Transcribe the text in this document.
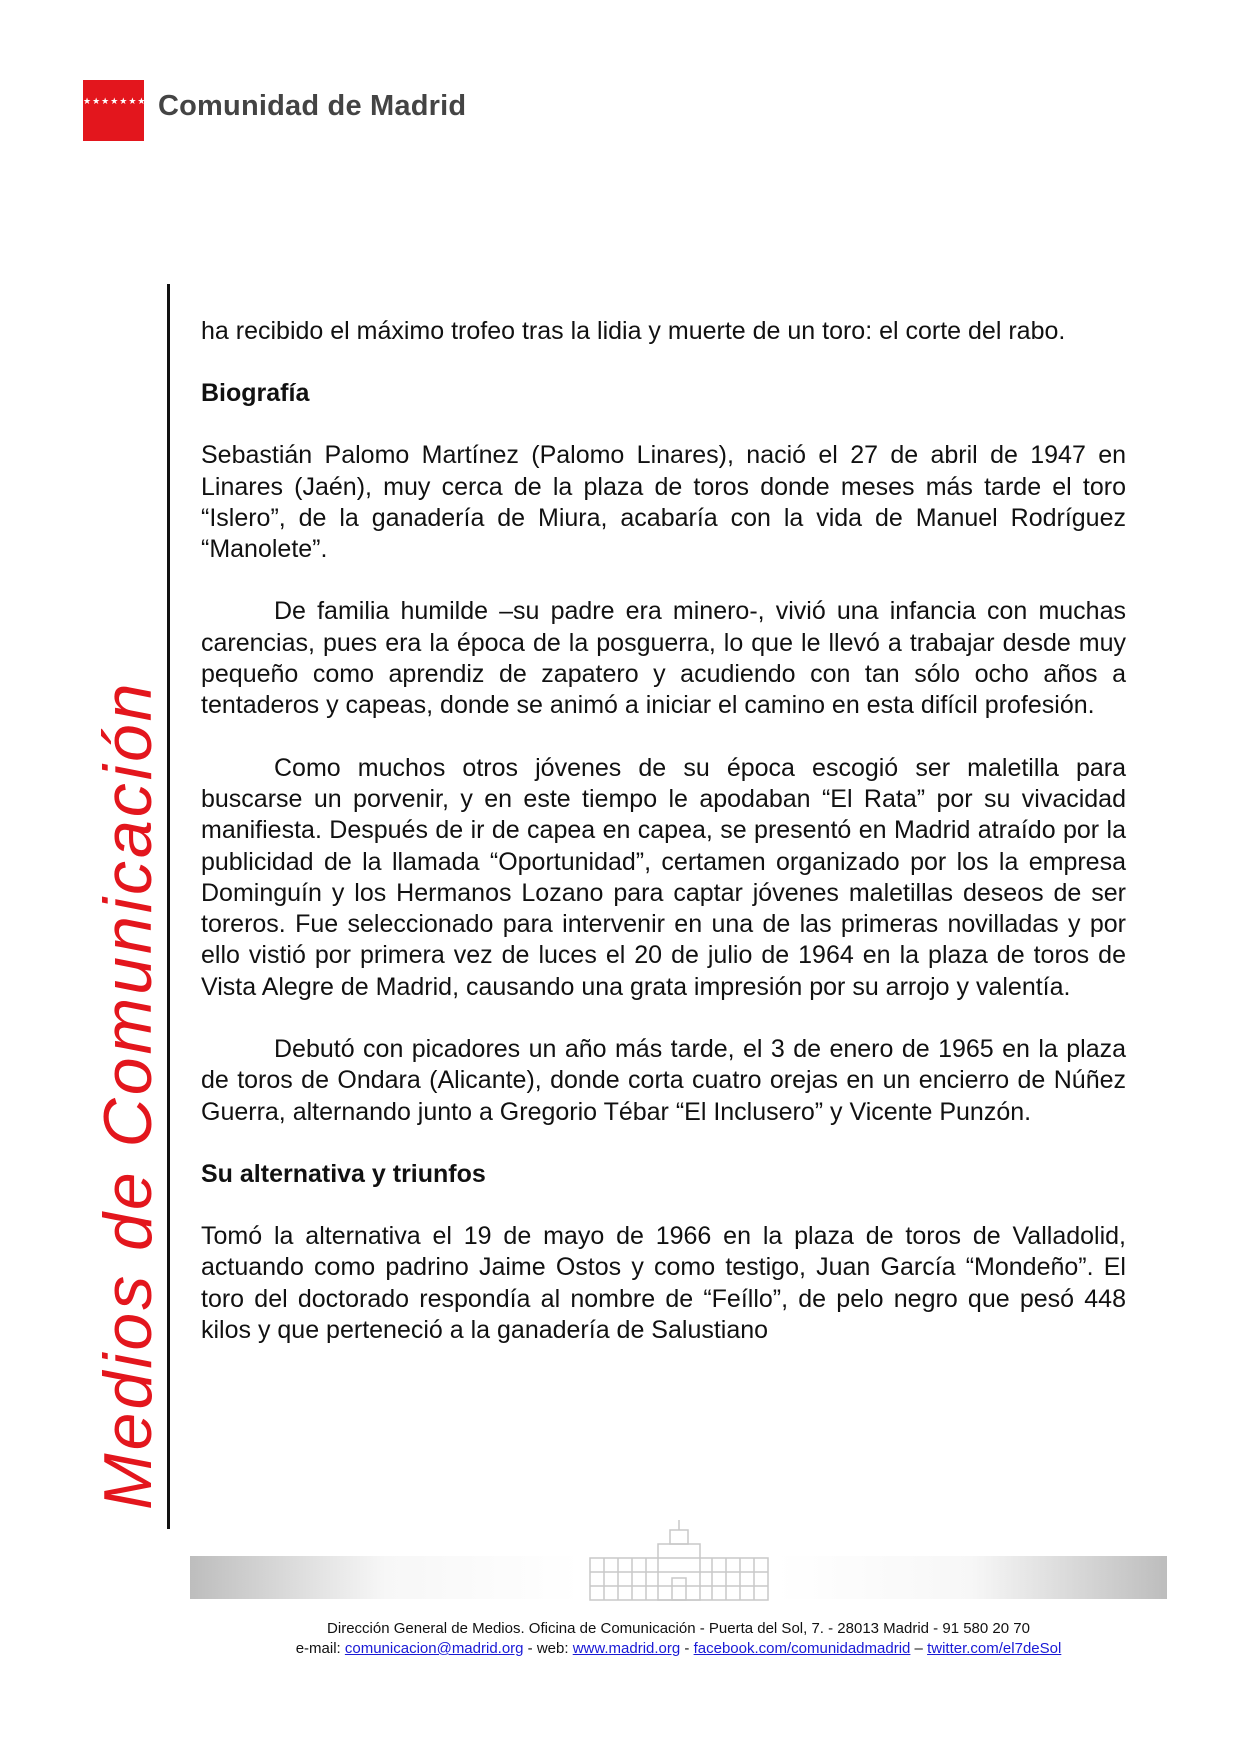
★★★★★★★ Comunidad de Madrid
Medios de Comunicación

ha recibido el máximo trofeo tras la lidia y muerte de un toro: el corte del rabo.

Biografía

Sebastián Palomo Martínez (Palomo Linares), nació el 27 de abril de 1947 en Linares (Jaén), muy cerca de la plaza de toros donde meses más tarde el toro “Islero”, de la ganadería de Miura, acabaría con la vida de Manuel Rodríguez “Manolete”.

De familia humilde –su padre era minero-, vivió una infancia con muchas carencias, pues era la época de la posguerra, lo que le llevó a trabajar desde muy pequeño como aprendiz de zapatero y acudiendo con tan sólo ocho años a tentaderos y capeas, donde se animó a iniciar el camino en esta difícil profesión.

Como muchos otros jóvenes de su época escogió ser maletilla para buscarse un porvenir, y en este tiempo le apodaban “El Rata” por su vivacidad manifiesta. Después de ir de capea en capea, se presentó en Madrid atraído por la publicidad de la llamada “Oportunidad”, certamen organizado por los la empresa Dominguín y los Hermanos Lozano para captar jóvenes maletillas deseos de ser toreros. Fue seleccionado para intervenir en una de las primeras novilladas y por ello vistió por primera vez de luces el 20 de julio de 1964 en la plaza de toros de Vista Alegre de Madrid, causando una grata impresión por su arrojo y valentía.

Debutó con picadores un año más tarde, el 3 de enero de 1965 en la plaza de toros de Ondara (Alicante), donde corta cuatro orejas en un encierro de Núñez Guerra, alternando junto a Gregorio Tébar “El Inclusero” y Vicente Punzón.

Su alternativa y triunfos

Tomó la alternativa el 19 de mayo de 1966 en la plaza de toros de Valladolid, actuando como padrino Jaime Ostos y como testigo, Juan García “Mondeño”. El toro del doctorado respondía al nombre de “Feíllo”, de pelo negro que pesó 448 kilos y que perteneció a la ganadería de Salustiano

Dirección General de Medios. Oficina de Comunicación - Puerta del Sol, 7. - 28013 Madrid - 91 580 20 70
e-mail: comunicacion@madrid.org - web: www.madrid.org - facebook.com/comunidadmadrid – twitter.com/el7deSol
